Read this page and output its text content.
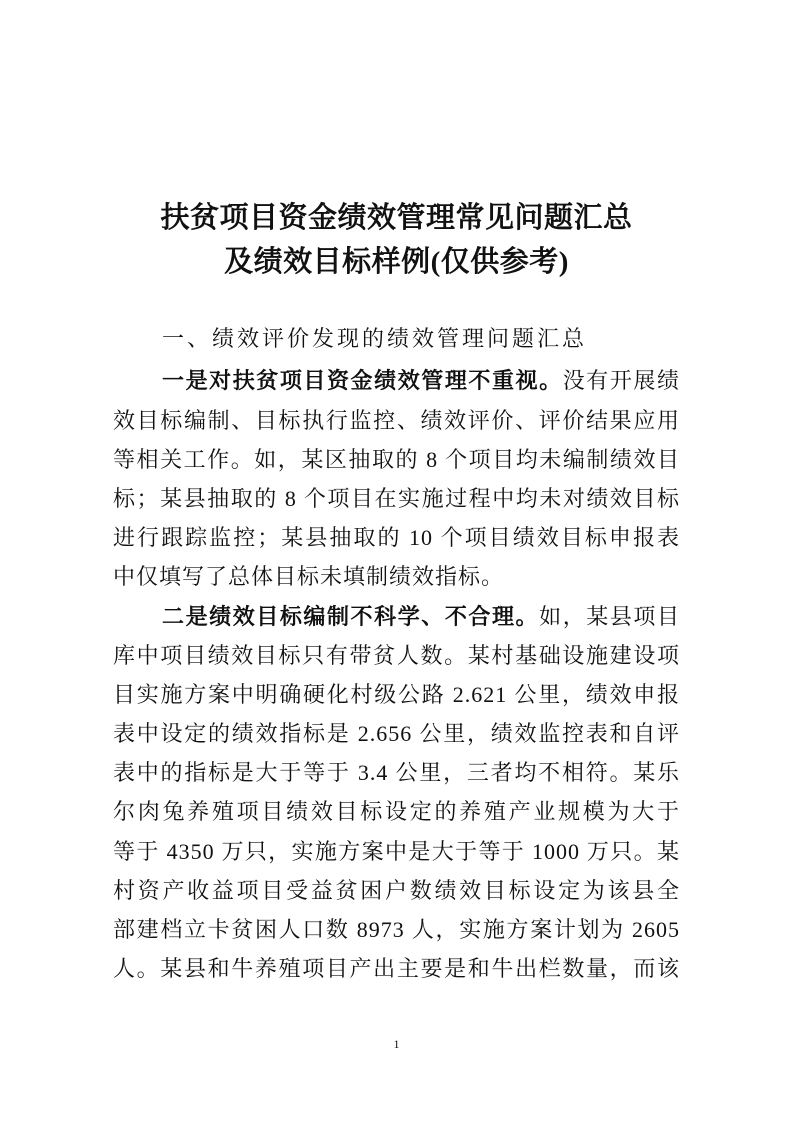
扶贫项目资金绩效管理常见问题汇总
及绩效目标样例(仅供参考)
一、绩效评价发现的绩效管理问题汇总
一是对扶贫项目资金绩效管理不重视。没有开展绩
效目标编制、目标执行监控、绩效评价、评价结果应用
等相关工作。如，某区抽取的 8 个项目均未编制绩效目
标；某县抽取的 8 个项目在实施过程中均未对绩效目标
进行跟踪监控；某县抽取的 10 个项目绩效目标申报表
中仅填写了总体目标未填制绩效指标。
二是绩效目标编制不科学、不合理。如，某县项目
库中项目绩效目标只有带贫人数。某村基础设施建设项
目实施方案中明确硬化村级公路 2.621 公里，绩效申报
表中设定的绩效指标是 2.656 公里，绩效监控表和自评
表中的指标是大于等于 3.4 公里，三者均不相符。某乐
尔肉兔养殖项目绩效目标设定的养殖产业规模为大于
等于 4350 万只，实施方案中是大于等于 1000 万只。某
村资产收益项目受益贫困户数绩效目标设定为该县全
部建档立卡贫困人口数 8973 人，实施方案计划为 2605
人。某县和牛养殖项目产出主要是和牛出栏数量，而该
1
